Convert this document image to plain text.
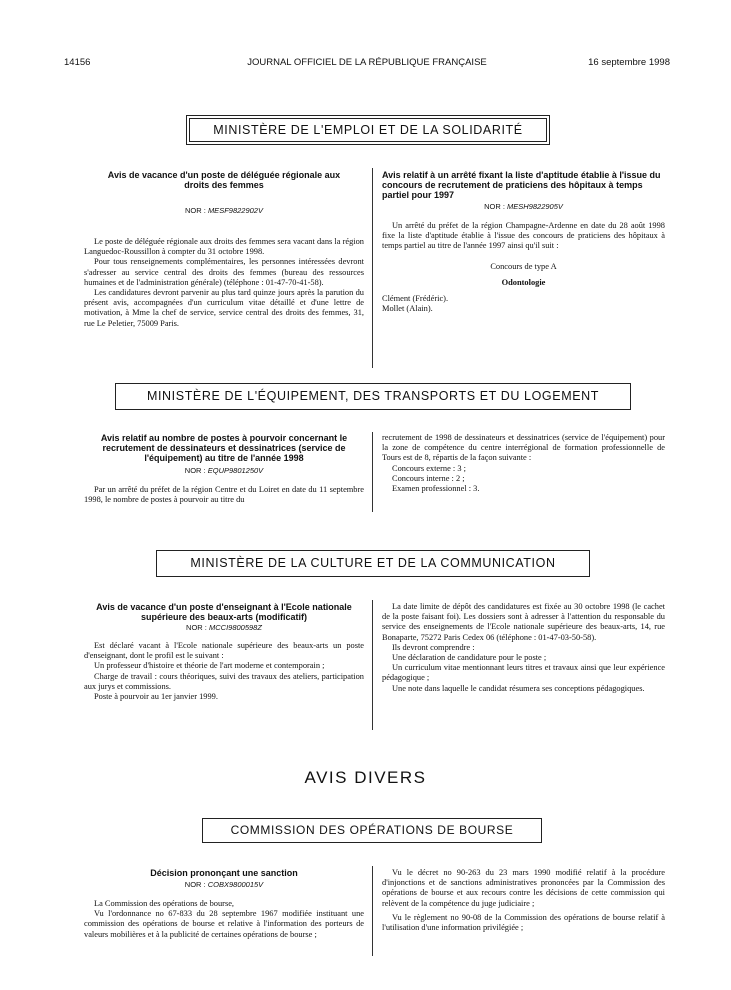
14156	JOURNAL OFFICIEL DE LA RÉPUBLIQUE FRANÇAISE	16 septembre 1998
MINISTÈRE DE L'EMPLOI ET DE LA SOLIDARITÉ
Avis de vacance d'un poste de déléguée régionale aux droits des femmes
NOR : MESF9822902V

Le poste de déléguée régionale aux droits des femmes sera vacant dans la région Languedoc-Roussillon à compter du 31 octobre 1998.

Pour tous renseignements complémentaires, les personnes intéressées devront s'adresser au service central des droits des femmes (bureau des ressources humaines et de l'administration générale) (téléphone : 01-47-70-41-58).

Les candidatures devront parvenir au plus tard quinze jours après la parution du présent avis, accompagnées d'un curriculum vitae détaillé et d'une lettre de motivation, à Mme la chef de service, service central des droits des femmes, 31, rue Le Peletier, 75009 Paris.

Avis relatif à un arrêté fixant la liste d'aptitude établie à l'issue du concours de recrutement de praticiens des hôpitaux à temps partiel pour 1997
NOR : MESH9822905V

Un arrêté du préfet de la région Champagne-Ardenne en date du 28 août 1998 fixe la liste d'aptitude établie à l'issue des concours de praticiens des hôpitaux à temps partiel au titre de l'année 1997 ainsi qu'il suit :

Concours de type A

Odontologie

Clément (Frédéric).

Mollet (Alain).

MINISTÈRE DE L'ÉQUIPEMENT, DES TRANSPORTS ET DU LOGEMENT
Avis relatif au nombre de postes à pourvoir concernant le recrutement de dessinateurs et dessinatrices (service de l'équipement) au titre de l'année 1998
NOR : EQUP9801250V

Par un arrêté du préfet de la région Centre et du Loiret en date du 11 septembre 1998, le nombre de postes à pourvoir au titre du

recrutement de 1998 de dessinateurs et dessinatrices (service de l'équipement) pour la zone de compétence du centre interrégional de formation professionnelle de Tours est de 8, répartis de la façon suivante :

Concours externe : 3 ;

Concours interne : 2 ;

Examen professionnel : 3.

MINISTÈRE DE LA CULTURE ET DE LA COMMUNICATION
Avis de vacance d'un poste d'enseignant à l'Ecole nationale supérieure des beaux-arts (modificatif)
NOR : MCCI9800598Z

Est déclaré vacant à l'Ecole nationale supérieure des beaux-arts un poste d'enseignant, dont le profil est le suivant :

Un professeur d'histoire et théorie de l'art moderne et contemporain ;

Charge de travail : cours théoriques, suivi des travaux des ateliers, participation aux jurys et commissions.

Poste à pourvoir au 1er janvier 1999.

La date limite de dépôt des candidatures est fixée au 30 octobre 1998 (le cachet de la poste faisant foi). Les dossiers sont à adresser à l'attention du responsable du service des enseignements de l'Ecole nationale supérieure des beaux-arts, 14, rue Bonaparte, 75272 Paris Cedex 06 (téléphone : 01-47-03-50-58).

Ils devront comprendre :

Une déclaration de candidature pour le poste ;

Un curriculum vitae mentionnant leurs titres et travaux ainsi que leur expérience pédagogique ;

Une note dans laquelle le candidat résumera ses conceptions pédagogiques.

AVIS DIVERS
COMMISSION DES OPÉRATIONS DE BOURSE
Décision prononçant une sanction
NOR : COBX9800015V

La Commission des opérations de bourse,

Vu l'ordonnance no 67-833 du 28 septembre 1967 modifiée instituant une commission des opérations de bourse et relative à l'information des porteurs de valeurs mobilières et à la publicité de certaines opérations de bourse ;

Vu le décret no 90-263 du 23 mars 1990 modifié relatif à la procédure d'injonctions et de sanctions administratives prononcées par la Commission des opérations de bourse et aux recours contre les décisions de cette commission qui relèvent de la compétence du juge judiciaire ;

Vu le règlement no 90-08 de la Commission des opérations de bourse relatif à l'utilisation d'une information privilégiée ;
